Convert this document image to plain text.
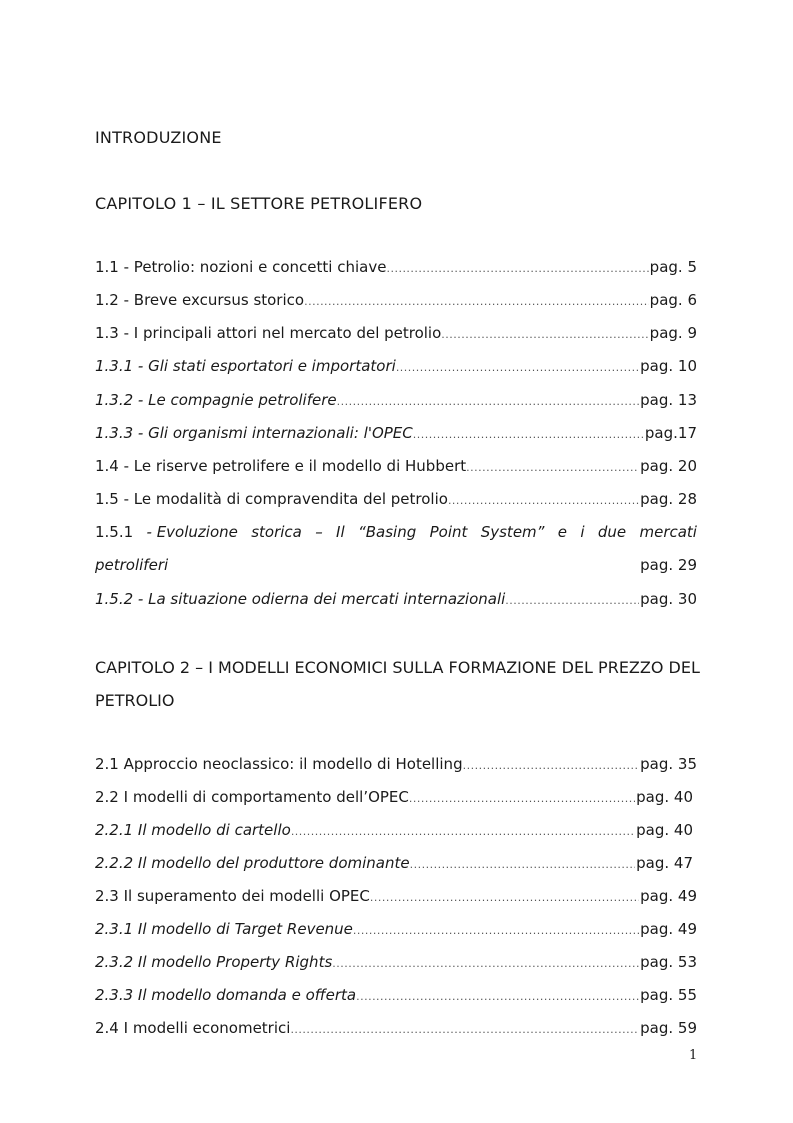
INTRODUZIONE
CAPITOLO 1 – IL SETTORE PETROLIFERO
1.1 - Petrolio: nozioni e concetti chiave .....	pag. 5
1.2 - Breve excursus storico .....	pag. 6
1.3 - I principali attori nel mercato del petrolio .....	pag. 9
1.3.1 - Gli stati esportatori e importatori .....	pag. 10
1.3.2 - Le compagnie petrolifere .....	pag. 13
1.3.3 - Gli organismi internazionali: l'OPEC .....	pag.17
1.4 - Le riserve petrolifere e il modello di Hubbert .....	pag. 20
1.5 - Le modalità di compravendita del petrolio .....	pag. 28
1.5.1 - Evoluzione storica – Il “Basing Point System” e i due mercati
petroliferi	pag. 29
1.5.2 - La situazione odierna dei mercati internazionali .....	pag. 30
CAPITOLO 2 – I MODELLI ECONOMICI SULLA FORMAZIONE DEL PREZZO DEL PETROLIO
2.1 Approccio neoclassico: il modello di Hotelling .....	pag. 35
2.2 I modelli di comportamento dell’OPEC .....	pag. 40
2.2.1 Il modello di cartello .....	pag. 40
2.2.2 Il modello del produttore dominante .....	pag. 47
2.3 Il superamento dei modelli OPEC .....	pag. 49
2.3.1 Il modello di Target Revenue .....	pag. 49
2.3.2 Il modello Property Rights .....	pag. 53
2.3.3 Il modello domanda e offerta .....	pag. 55
2.4 I modelli econometrici .....	pag. 59
1
